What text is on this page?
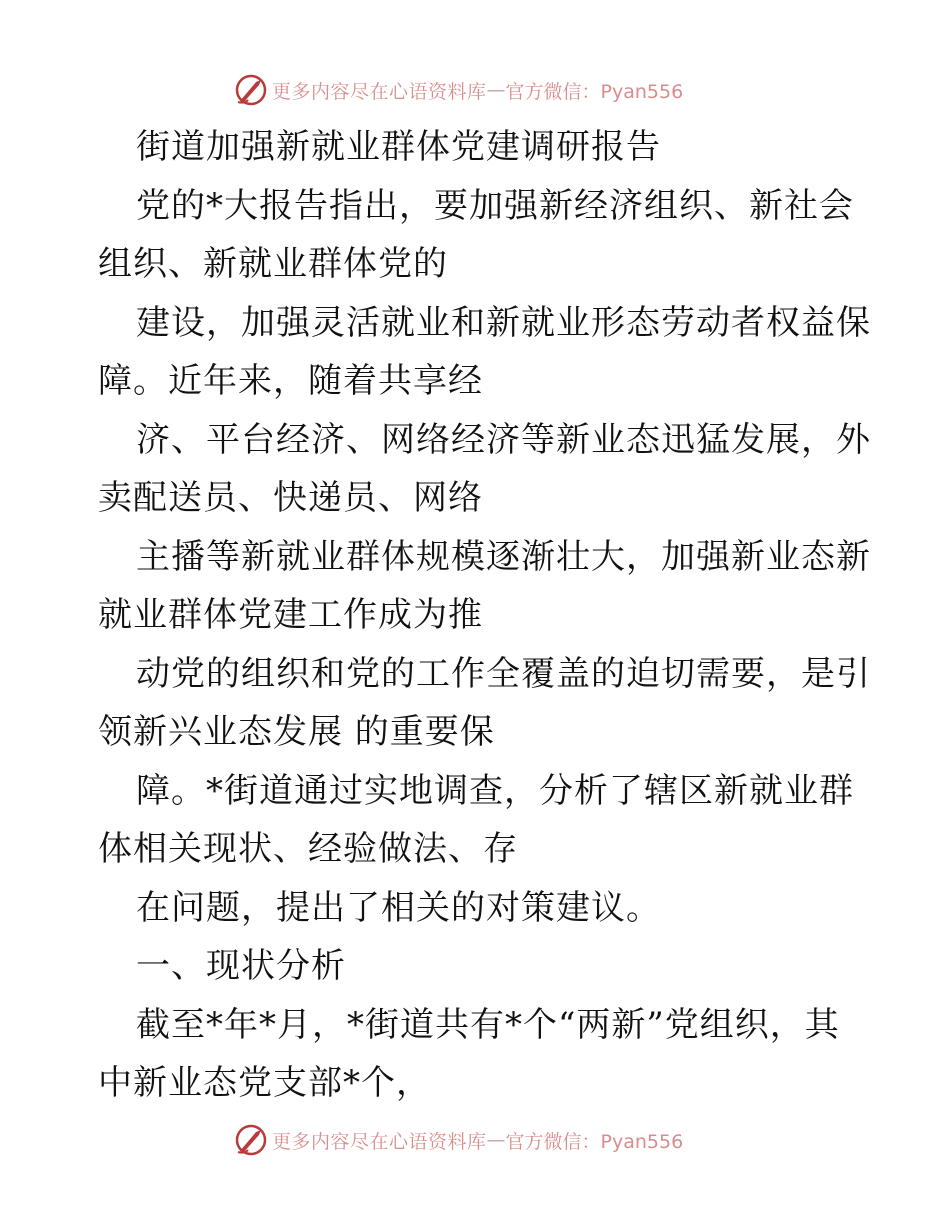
更多内容尽在心语资料库 — 官方微信：Pyan556
街道加强新就业群体党建调研报告
党的*大报告指出，要加强新经济组织、新社会
组织、新就业群体党的
建设，加强灵活就业和新就业形态劳动者权益保
障。近年来，随着共享经
济、平台经济、网络经济等新业态迅猛发展，外
卖配送员、快递员、网络
主播等新就业群体规模逐渐壮大，加强新业态新
就业群体党建工作成为推
动党的组织和党的工作全覆盖的迫切需要，是引
领新兴业态发展 的重要保
障。*街道通过实地调查，分析了辖区新就业群
体相关现状、经验做法、存
在问题，提出了相关的对策建议。
一、现状分析
截至*年*月，*街道共有*个“两新”党组织，其
中新业态党支部*个，
更多内容尽在心语资料库 — 官方微信：Pyan556
